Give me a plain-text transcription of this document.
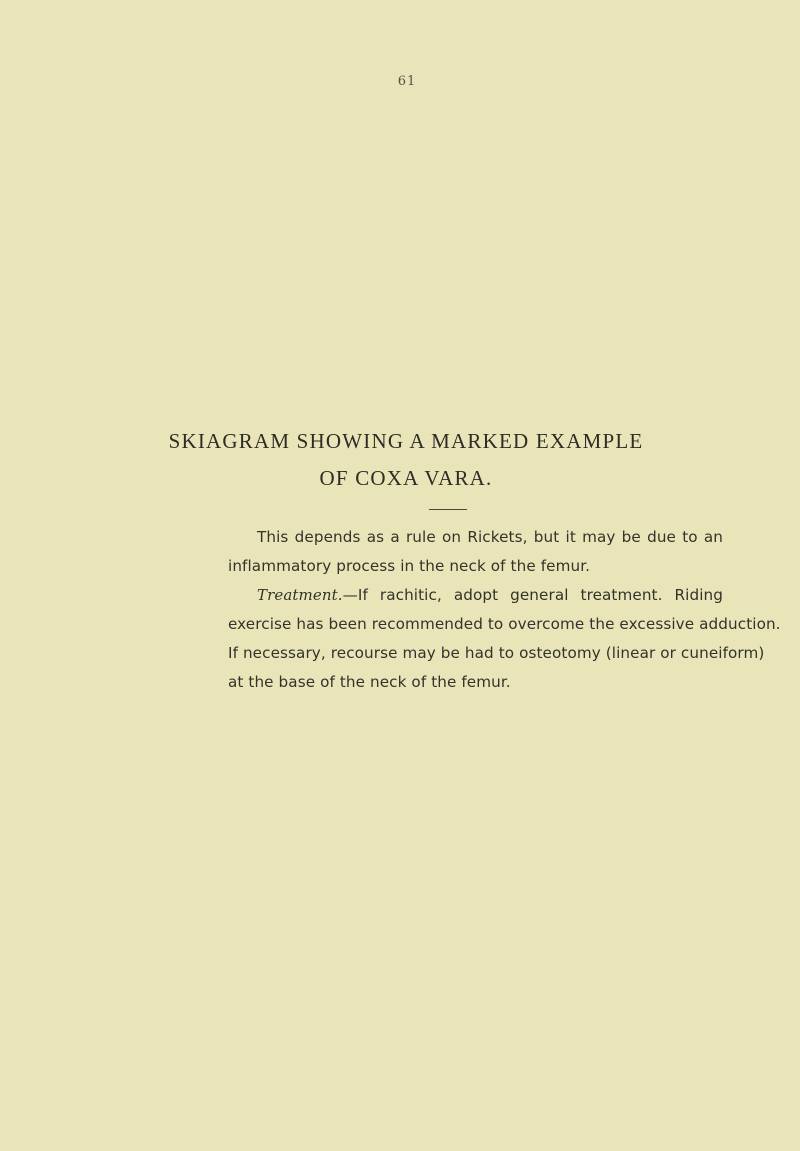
61
SKIAGRAM SHOWING A MARKED EXAMPLE
OF COXA VARA.
This depends as a rule on Rickets, but it may be due to an
inflammatory process in the neck of the femur.
Treatment. —If rachitic, adopt general treatment. Riding
exercise has been recommended to overcome the excessive adduction.
If necessary, recourse may be had to osteotomy (linear or cuneiform)
at the base of the neck of the femur.
